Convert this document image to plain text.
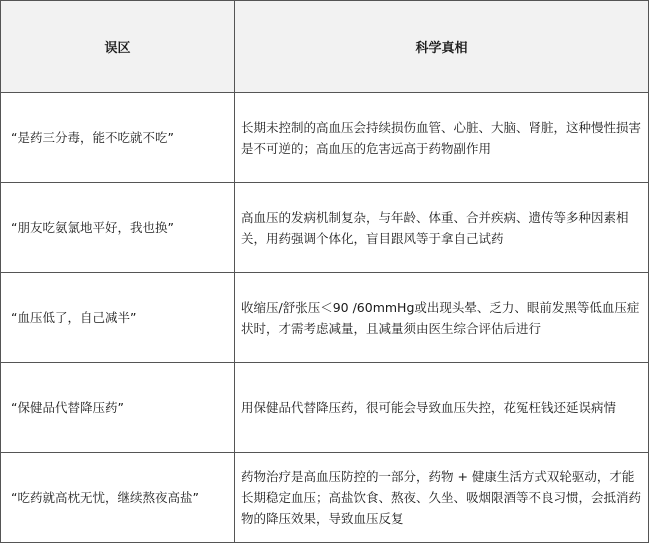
误区	科学真相
“是药三分毒，能不吃就不吃”	长期未控制的高血压会持续损伤血管、心脏、大脑、肾脏，这种慢性损害是不可逆的；高血压的危害远高于药物副作用
“朋友吃氨氯地平好，我也换”	高血压的发病机制复杂，与年龄、体重、合并疾病、遗传等多种因素相关，用药强调个体化，盲目跟风等于拿自己试药
“血压低了，自己减半”	收缩压/舒张压＜90 /60mmHg或出现头晕、乏力、眼前发黑等低血压症状时，才需考虑减量，且减量须由医生综合评估后进行
“保健品代替降压药”	用保健品代替降压药，很可能会导致血压失控，花冤枉钱还延误病情
“吃药就高枕无忧，继续熬夜高盐”	药物治疗是高血压防控的一部分，药物 + 健康生活方式双轮驱动，才能长期稳定血压；高盐饮食、熬夜、久坐、吸烟限酒等不良习惯，会抵消药物的降压效果，导致血压反复
